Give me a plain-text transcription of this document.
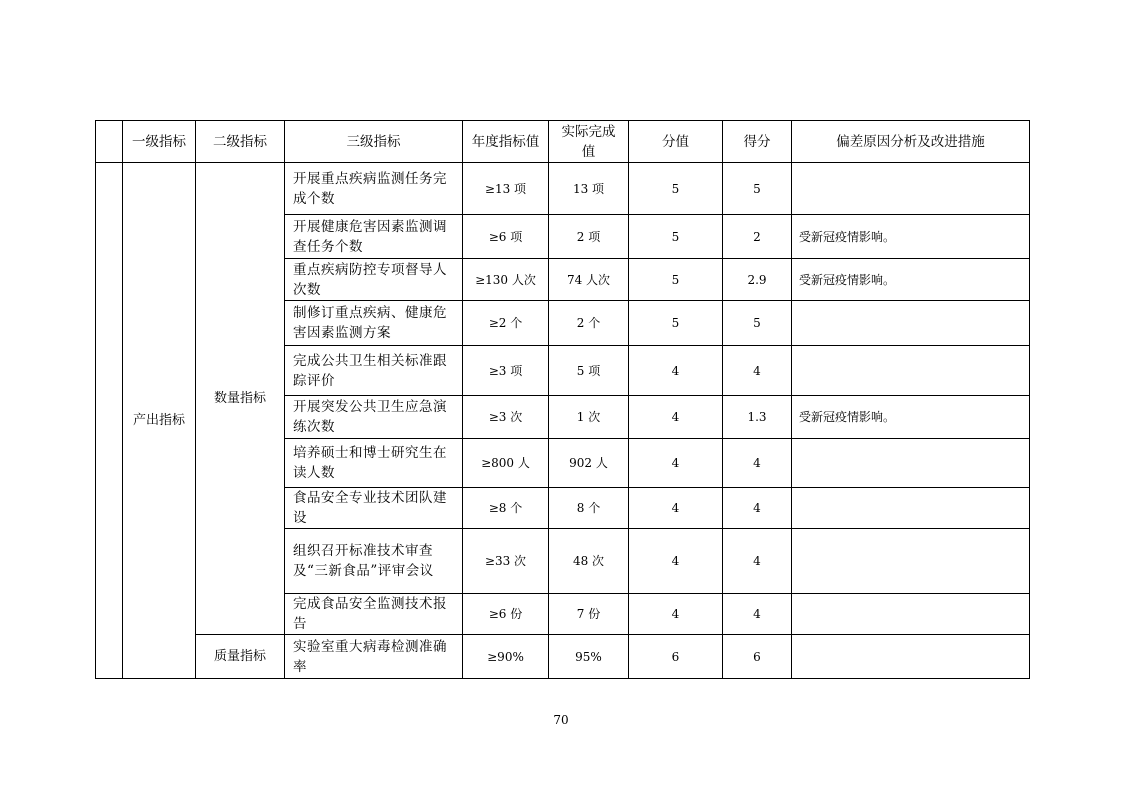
	一级指标	二级指标	三级指标	年度指标值	实际完成值	分值	得分	偏差原因分析及改进措施
	产出指标	数量指标	开展重点疾病监测任务完成个数	≥13 项	13 项	5	5	
			开展健康危害因素监测调查任务个数	≥6 项	2 项	5	2	受新冠疫情影响。
			重点疾病防控专项督导人次数	≥130 人次	74 人次	5	2.9	受新冠疫情影响。
			制修订重点疾病、健康危害因素监测方案	≥2 个	2 个	5	5	
			完成公共卫生相关标准跟踪评价	≥3 项	5 项	4	4	
			开展突发公共卫生应急演练次数	≥3 次	1 次	4	1.3	受新冠疫情影响。
			培养硕士和博士研究生在读人数	≥800 人	902 人	4	4	
			食品安全专业技术团队建设	≥8 个	8 个	4	4	
			组织召开标准技术审查及“三新食品”评审会议	≥33 次	48 次	4	4	
			完成食品安全监测技术报告	≥6 份	7 份	4	4	
		质量指标	实验室重大病毒检测准确率	≥90%	95%	6	6	
70
